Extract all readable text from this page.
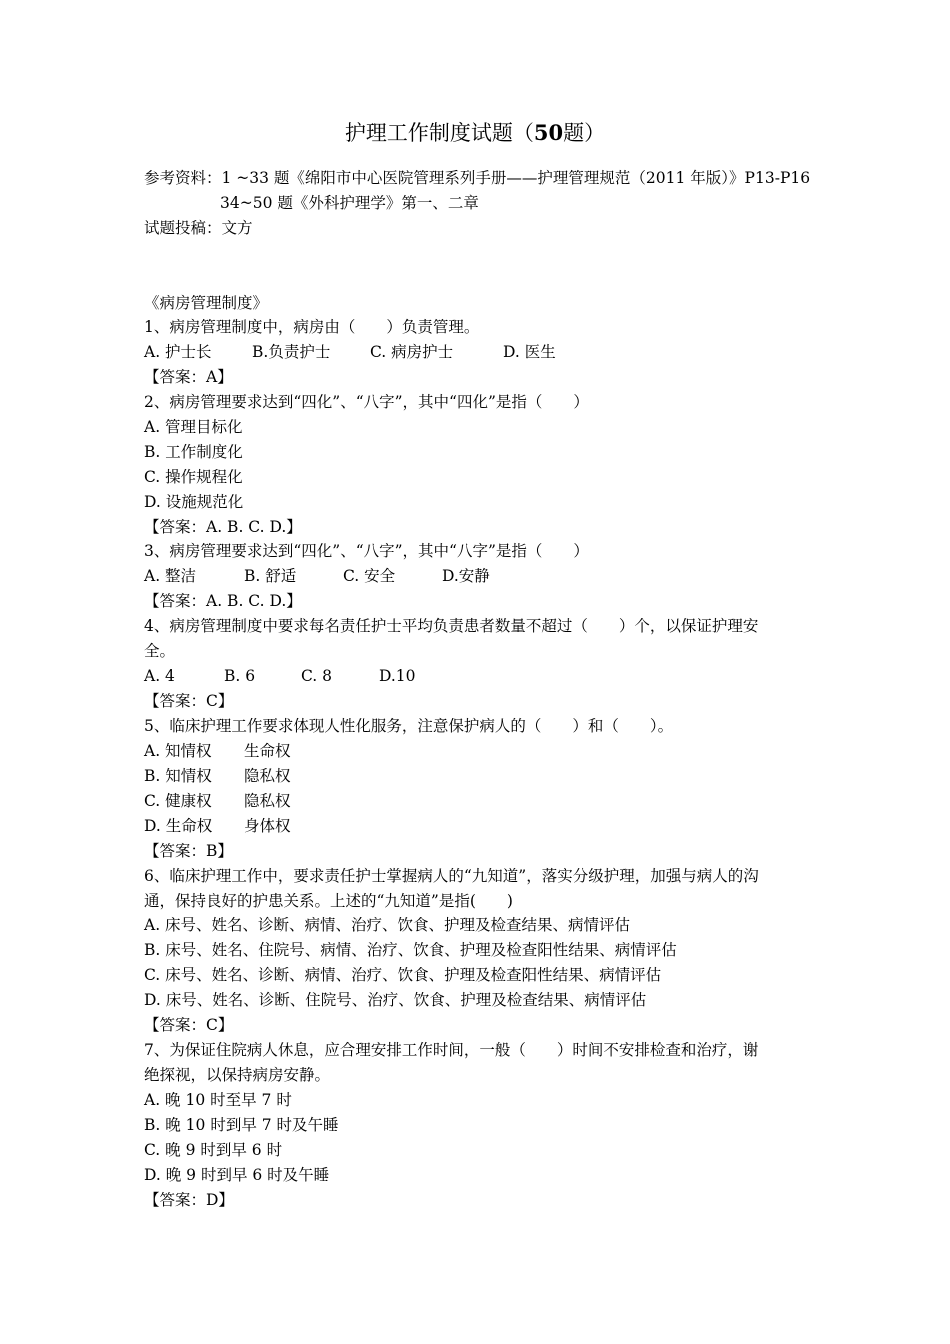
护理工作制度试题（50题）
参考资料：1 ~33 题《绵阳市中心医院管理系列手册——护理管理规范（2011 年版）》P13-P16
34~50 题《外科护理学》第一、二章
试题投稿：文方
《病房管理制度》
1、病房管理制度中，病房由（　　）负责管理。
A. 护士长	B.负责护士	C. 病房护士	D. 医生
【答案：A】
2、病房管理要求达到“四化”、“八字”，其中“四化”是指（　　）
A. 管理目标化
B. 工作制度化
C. 操作规程化
D. 设施规范化
【答案：A. B. C. D.】
3、病房管理要求达到“四化”、“八字”，其中“八字”是指（　　）
A. 整洁	B. 舒适	C. 安全	D.安静
【答案：A. B. C. D.】
4、病房管理制度中要求每名责任护士平均负责患者数量不超过（　　）个，以保证护理安
全。
A. 4	B. 6	C. 8	D.10
【答案：C】
5、临床护理工作要求体现人性化服务，注意保护病人的（　　）和（　　）。
A. 知情权 生命权
B. 知情权 隐私权
C. 健康权 隐私权
D. 生命权 身体权
【答案：B】
6、临床护理工作中，要求责任护士掌握病人的“九知道”，落实分级护理，加强与病人的沟
通，保持良好的护患关系。上述的“九知道”是指(　　)
A. 床号、姓名、诊断、病情、治疗、饮食、护理及检查结果、病情评估
B. 床号、姓名、住院号、病情、治疗、饮食、护理及检查阳性结果、病情评估
C. 床号、姓名、诊断、病情、治疗、饮食、护理及检查阳性结果、病情评估
D. 床号、姓名、诊断、住院号、治疗、饮食、护理及检查结果、病情评估
【答案：C】
7、为保证住院病人休息，应合理安排工作时间，一般（　　）时间不安排检查和治疗，谢
绝探视，以保持病房安静。
A. 晚 10 时至早 7 时
B. 晚 10 时到早 7 时及午睡
C. 晚 9 时到早 6 时
D. 晚 9 时到早 6 时及午睡
【答案：D】
